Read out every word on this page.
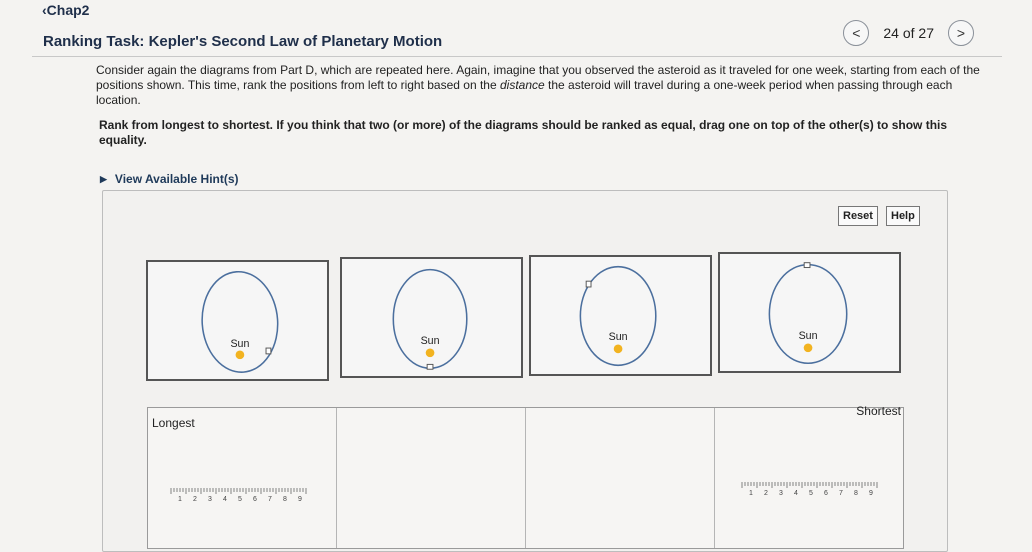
‹Chap2
Ranking Task: Kepler's Second Law of Planetary Motion	< 24 of 27 >
Consider again the diagrams from Part D, which are repeated here. Again, imagine that you observed the asteroid as it traveled for one week, starting from each of the positions shown. This time, rank the positions from left to right based on the distance the asteroid will travel during a one-week period when passing through each location.
Rank from longest to shortest. If you think that two (or more) of the diagrams should be ranked as equal, drag one on top of the other(s) to show this equality.
▶ View Available Hint(s)
Reset	Help
Sun	Sun	Sun	Sun
Longest
1 2 3 4 5 6 7 8 9
Shortest
1 2 3 4 5 6 7 8 9
